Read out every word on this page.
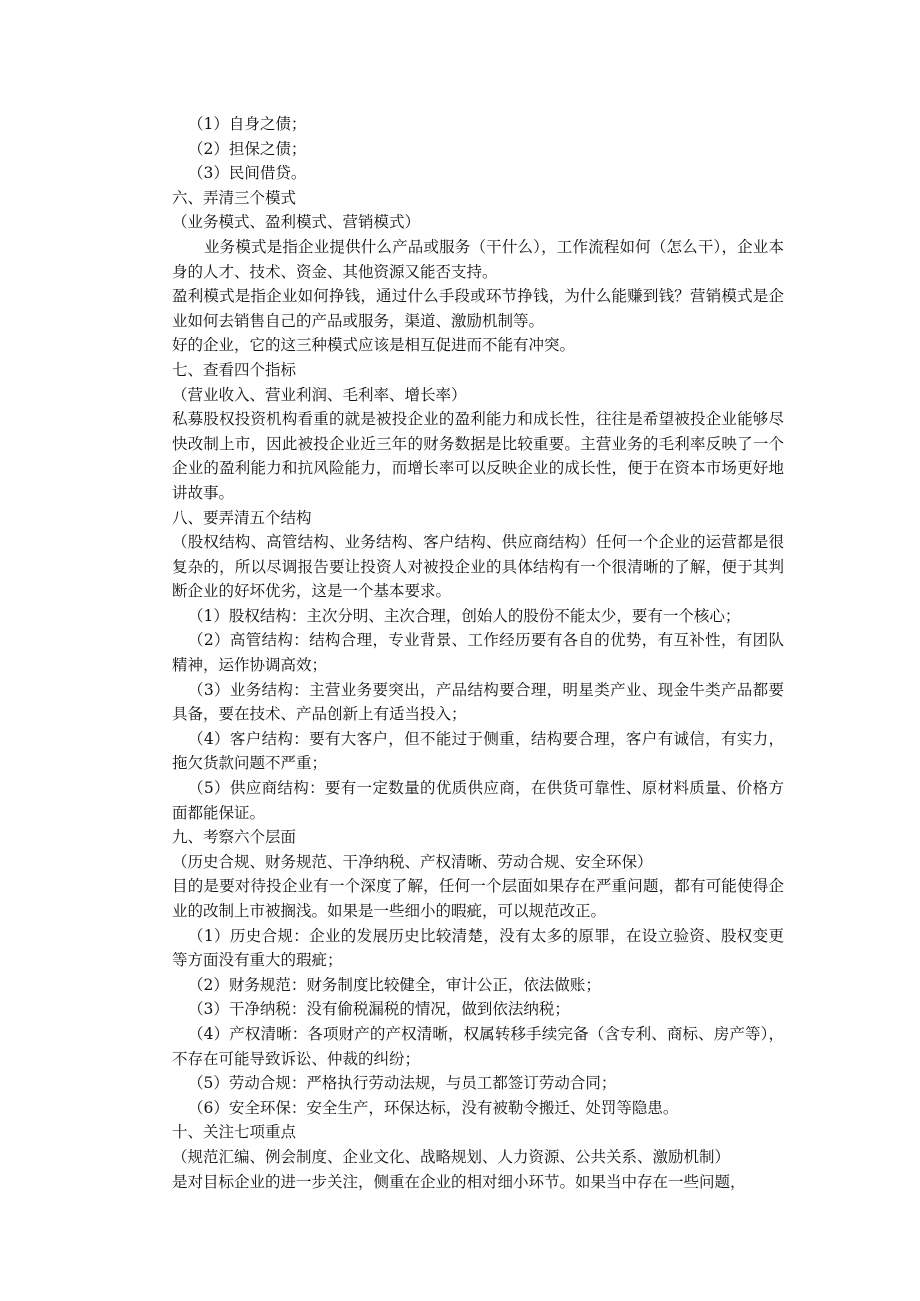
（1）自身之债；

（2）担保之债；

（3）民间借贷。

六、弄清三个模式

（业务模式、盈利模式、营销模式）

业务模式是指企业提供什么产品或服务（干什么），工作流程如何（怎么干），企业本身的人才、技术、资金、其他资源又能否支持。

盈利模式是指企业如何挣钱，通过什么手段或环节挣钱，为什么能赚到钱？营销模式是企业如何去销售自己的产品或服务，渠道、激励机制等。

好的企业，它的这三种模式应该是相互促进而不能有冲突。

七、查看四个指标

（营业收入、营业利润、毛利率、增长率）

私募股权投资机构看重的就是被投企业的盈利能力和成长性，往往是希望被投企业能够尽快改制上市，因此被投企业近三年的财务数据是比较重要。主营业务的毛利率反映了一个企业的盈利能力和抗风险能力，而增长率可以反映企业的成长性，便于在资本市场更好地讲故事。

八、要弄清五个结构

（股权结构、高管结构、业务结构、客户结构、供应商结构）任何一个企业的运营都是很复杂的，所以尽调报告要让投资人对被投企业的具体结构有一个很清晰的了解，便于其判断企业的好坏优劣，这是一个基本要求。

（1）股权结构：主次分明、主次合理，创始人的股份不能太少，要有一个核心；

（2）高管结构：结构合理，专业背景、工作经历要有各自的优势，有互补性，有团队精神，运作协调高效；

（3）业务结构：主营业务要突出，产品结构要合理，明星类产业、现金牛类产品都要具备，要在技术、产品创新上有适当投入；

（4）客户结构：要有大客户，但不能过于侧重，结构要合理，客户有诚信，有实力，拖欠货款问题不严重；

（5）供应商结构：要有一定数量的优质供应商，在供货可靠性、原材料质量、价格方面都能保证。

九、考察六个层面

（历史合规、财务规范、干净纳税、产权清晰、劳动合规、安全环保）

目的是要对待投企业有一个深度了解，任何一个层面如果存在严重问题，都有可能使得企业的改制上市被搁浅。如果是一些细小的暇疵，可以规范改正。

（1）历史合规：企业的发展历史比较清楚，没有太多的原罪，在设立验资、股权变更等方面没有重大的瑕疵；

（2）财务规范：财务制度比较健全，审计公正，依法做账；

（3）干净纳税：没有偷税漏税的情况，做到依法纳税；

（4）产权清晰：各项财产的产权清晰，权属转移手续完备（含专利、商标、房产等），不存在可能导致诉讼、仲裁的纠纷；

（5）劳动合规：严格执行劳动法规，与员工都签订劳动合同；

（6）安全环保：安全生产，环保达标，没有被勒令搬迁、处罚等隐患。

十、关注七项重点

（规范汇编、例会制度、企业文化、战略规划、人力资源、公共关系、激励机制）

是对目标企业的进一步关注，侧重在企业的相对细小环节。如果当中存在一些问题，
